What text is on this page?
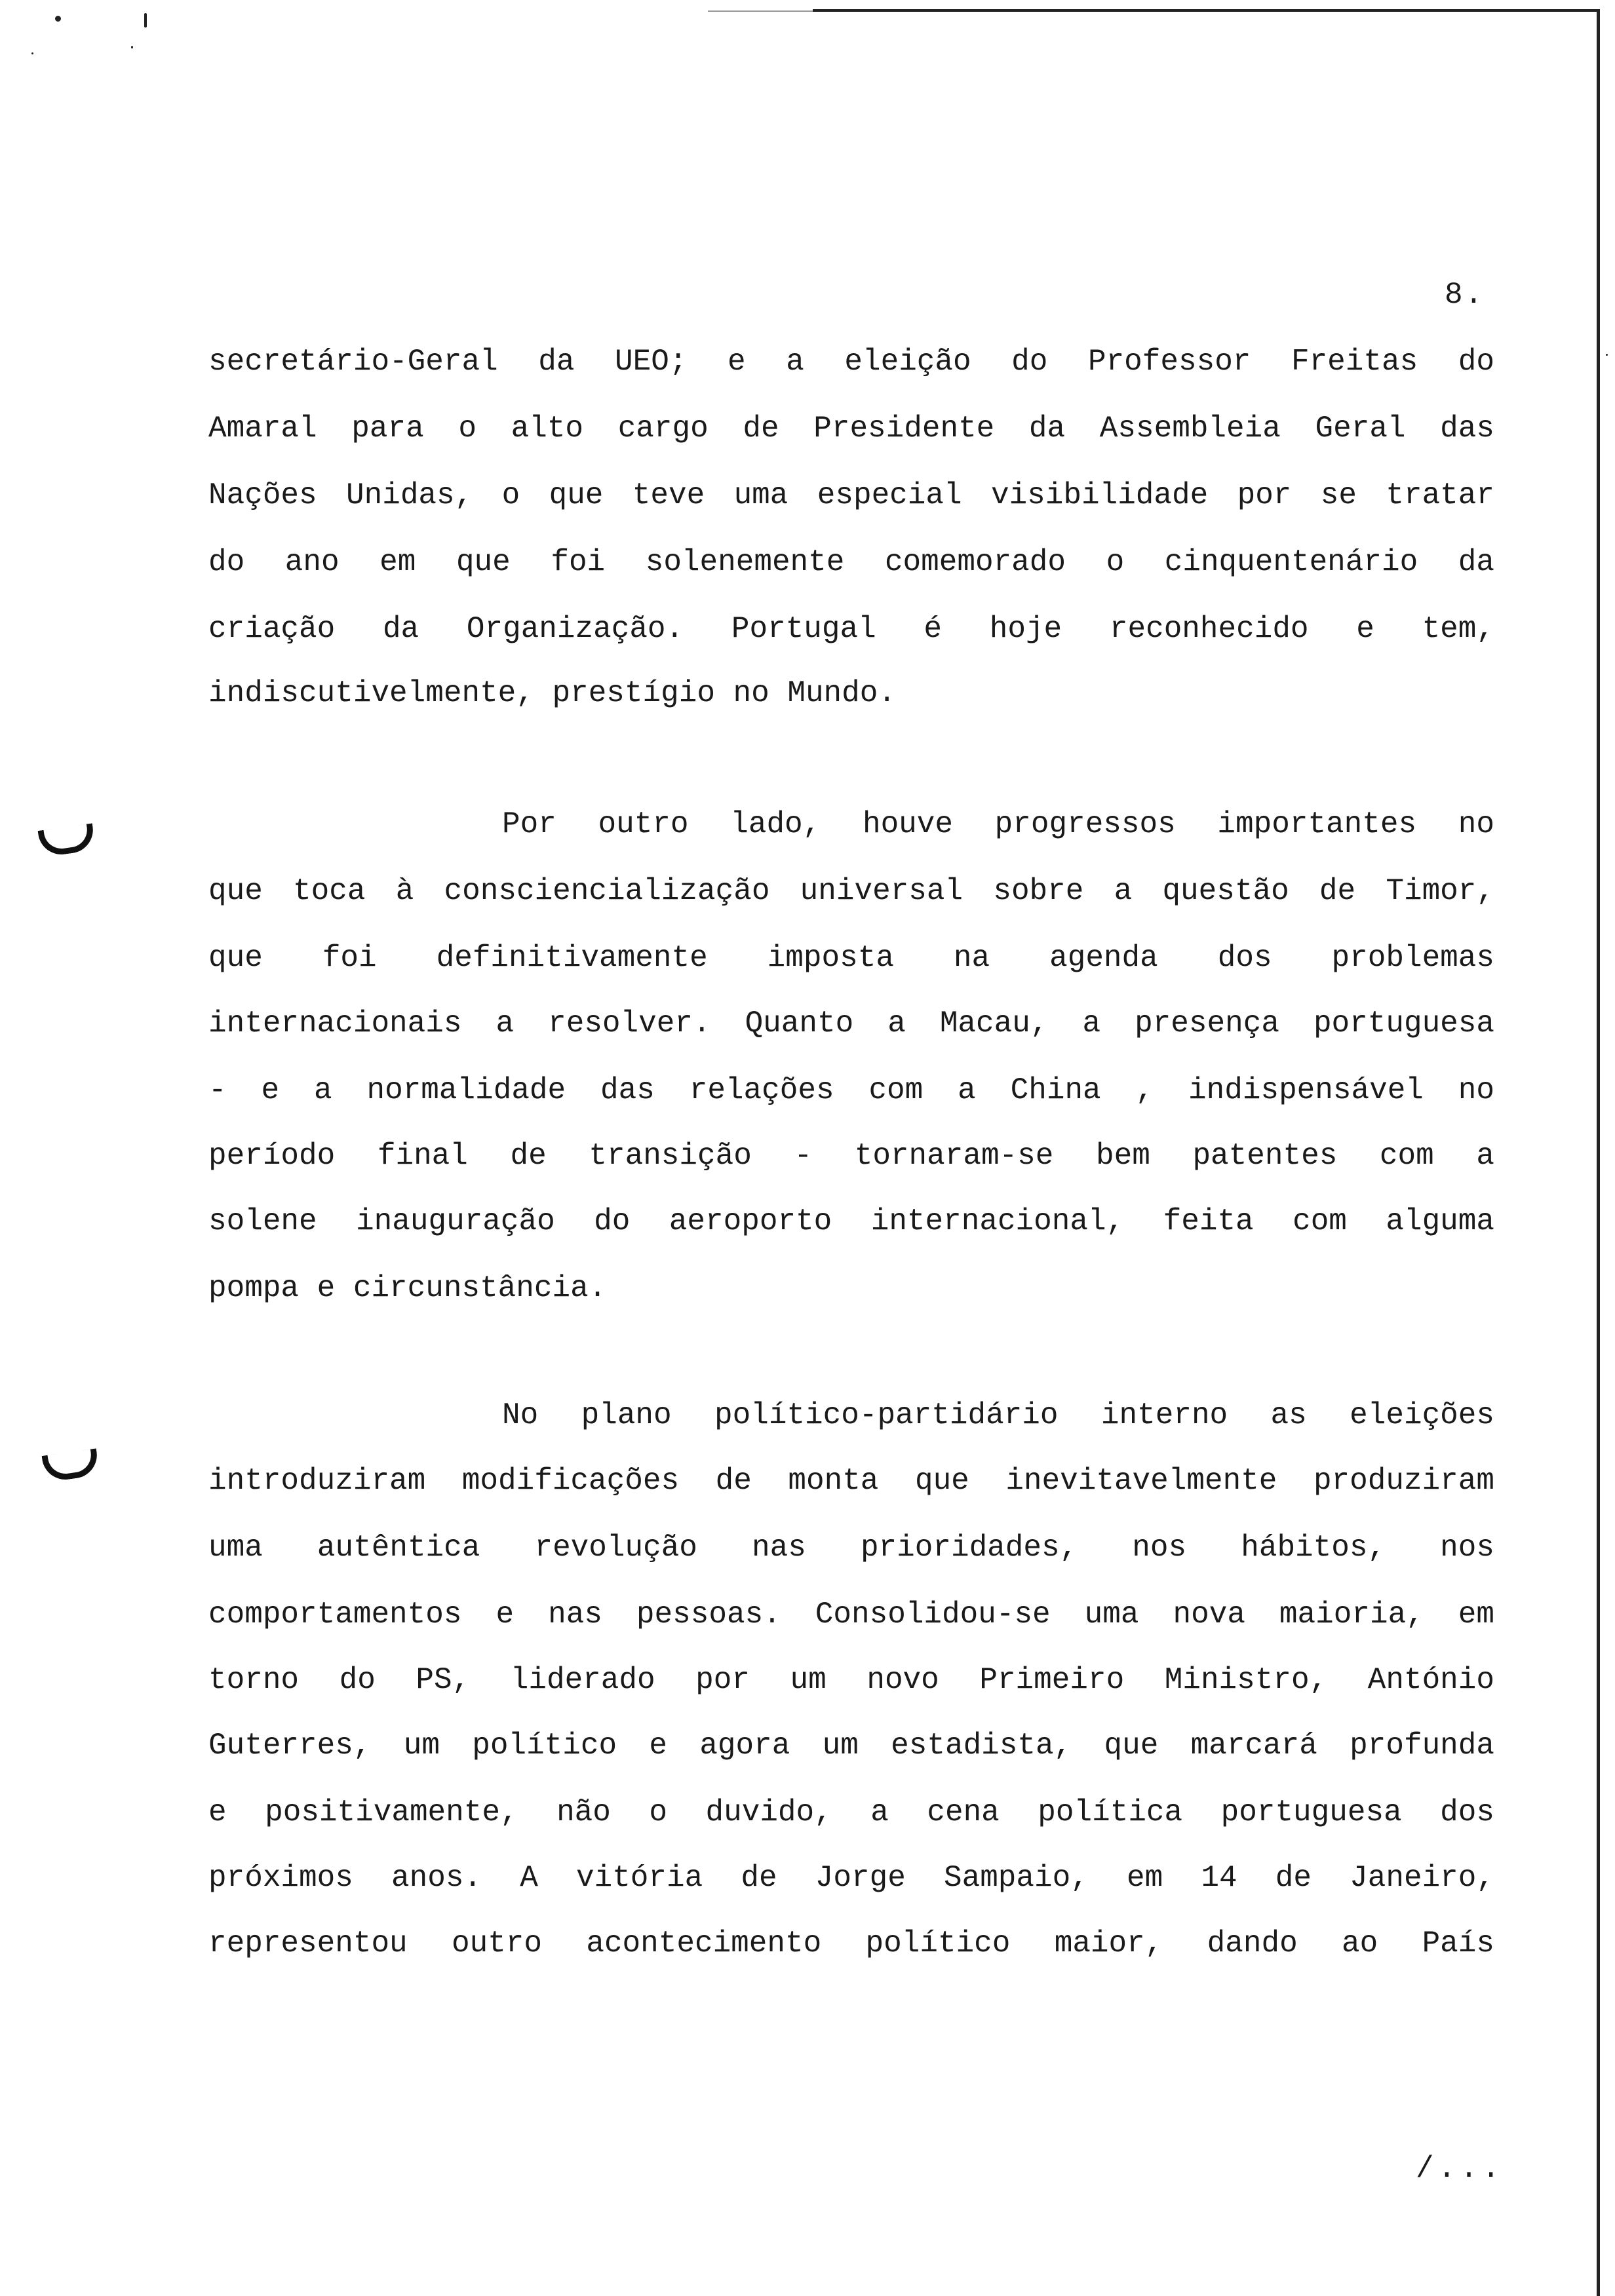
8.

secretário-Geral da UEO; e a eleição do Professor Freitas do

Amaral para o alto cargo de Presidente da Assembleia Geral das

Nações Unidas, o que teve uma especial visibilidade por se tratar

do ano em que foi solenemente comemorado o cinquentenário da

criação da Organização. Portugal é hoje reconhecido e tem,

indiscutivelmente, prestígio no Mundo.

Por outro lado, houve progressos importantes no

que toca à consciencialização universal sobre a questão de Timor,

que foi definitivamente imposta na agenda dos problemas

internacionais a resolver. Quanto a Macau, a presença portuguesa

- e a normalidade das relações com a China , indispensável no

período final de transição - tornaram-se bem patentes com a

solene inauguração do aeroporto internacional, feita com alguma

pompa e circunstância.

No plano político-partidário interno as eleições

introduziram modificações de monta que inevitavelmente produziram

uma autêntica revolução nas prioridades, nos hábitos, nos

comportamentos e nas pessoas. Consolidou-se uma nova maioria, em

torno do PS, liderado por um novo Primeiro Ministro, António

Guterres, um político e agora um estadista, que marcará profunda

e positivamente, não o duvido, a cena política portuguesa dos

próximos anos. A vitória de Jorge Sampaio, em 14 de Janeiro,

representou outro acontecimento político maior, dando ao País

/...
